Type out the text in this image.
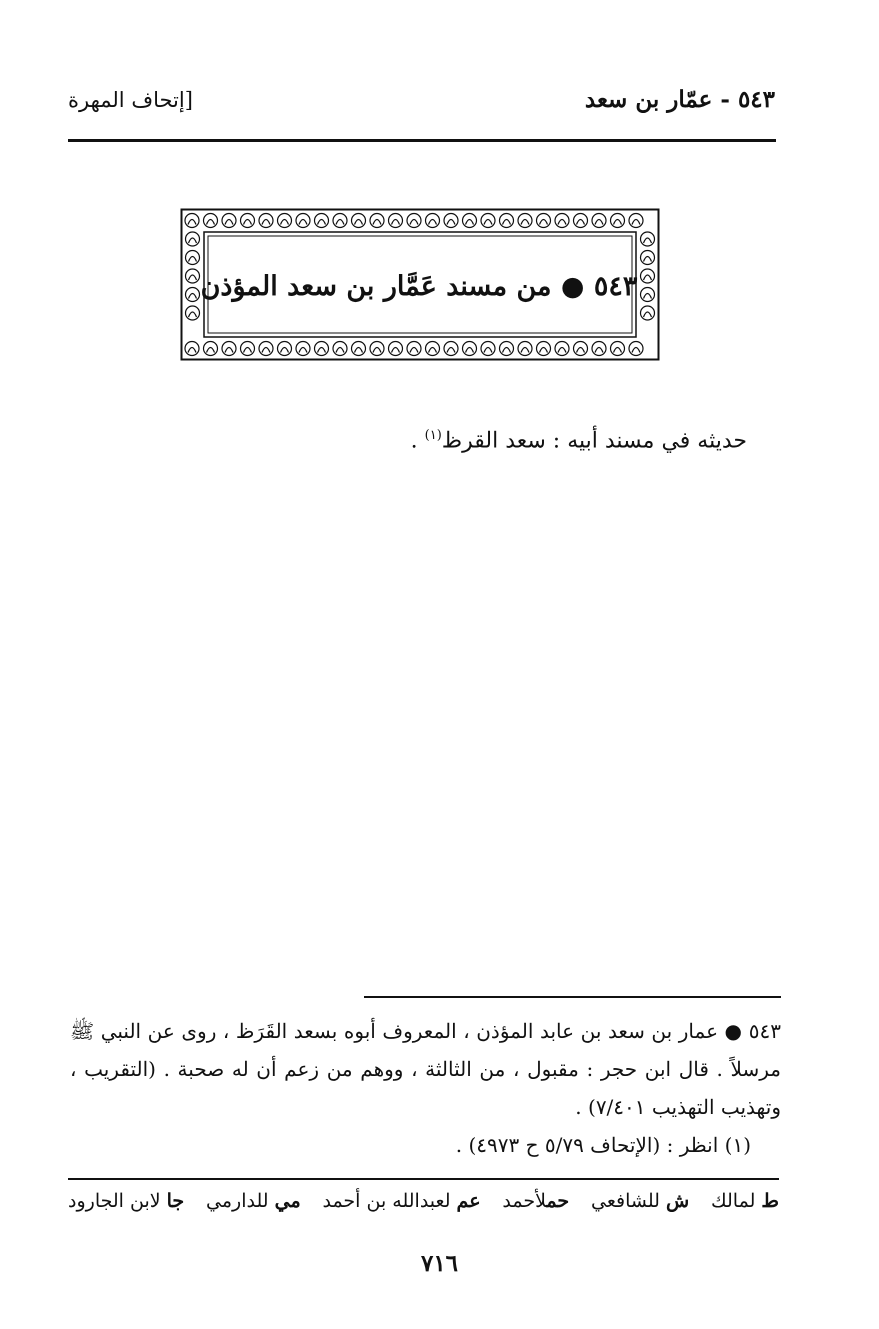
٥٤٣ - عمّار بن سعد
[إتحاف المهرة
٥٤٣

●

من مسند عَمَّار بن سعد المؤذن
حديثه في مسند أبيه : سعد القرظ$^{(١)}$ .

٥٤٣ ● عمار بن سعد بن عابد المؤذن ، المعروف أبوه بسعد القَرَظ ، روى عن النبي ﷺ مرسلاً . قال ابن حجر : مقبول ، من الثالثة ، ووهم من زعم أن له صحبة . (التقريب ، وتهذيب التهذيب ٧/٤٠١) .

(١) انظر : (الإتحاف ٥/٧٩ ح ٤٩٧٣) .

ط لمالك
ش للشافعي
حملأحمد
عم لعبدالله بن أحمد
مي للدارمي
جا لابن الجارود
٧١٦
